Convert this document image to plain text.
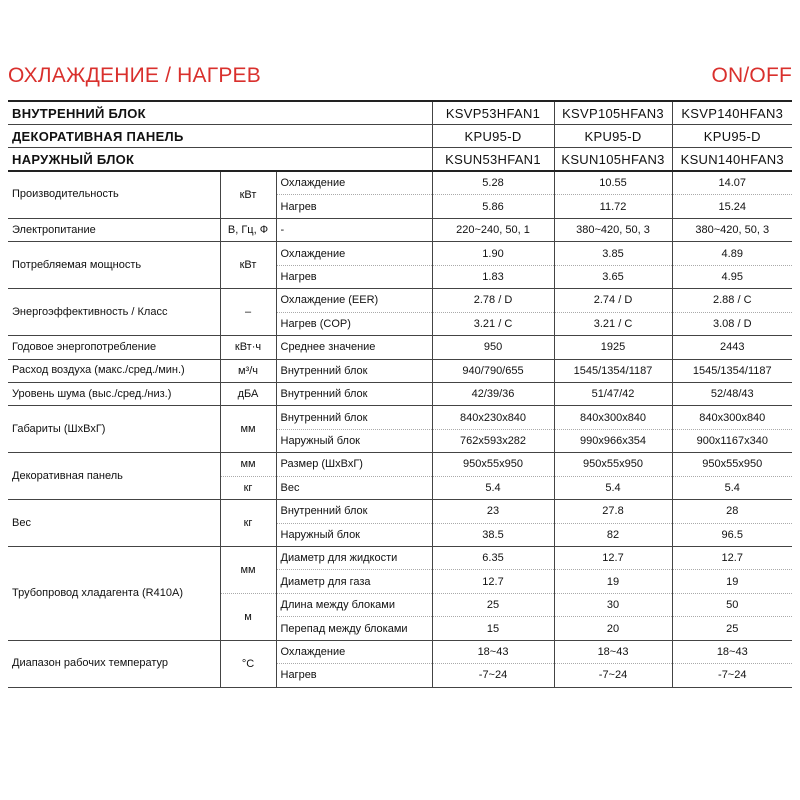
ОХЛАЖДЕНИЕ / НАГРЕВ	ON/OFF
ВНУТРЕННИЙ БЛОК			KSVP53HFAN1	KSVP105HFAN3	KSVP140HFAN3
ДЕКОРАТИВНАЯ ПАНЕЛЬ			KPU95-D	KPU95-D	KPU95-D
НАРУЖНЫЙ БЛОК			KSUN53HFAN1	KSUN105HFAN3	KSUN140HFAN3
Производительность	кВт	Охлаждение	5.28	10.55	14.07
		Нагрев	5.86	11.72	15.24
Электропитание	В, Гц, Ф	-	220~240, 50, 1	380~420, 50, 3	380~420, 50, 3
Потребляемая мощность	кВт	Охлаждение	1.90	3.85	4.89
		Нагрев	1.83	3.65	4.95
Энергоэффективность / Класс	–	Охлаждение (EER)	2.78 / D	2.74 / D	2.88 / C
		Нагрев (COP)	3.21 / C	3.21 / C	3.08 / D
Годовое энергопотребление	кВт·ч	Среднее значение	950	1925	2443
Расход воздуха (макс./сред./мин.)	м³/ч	Внутренний блок	940/790/655	1545/1354/1187	1545/1354/1187
Уровень шума (выс./сред./низ.)	дБА	Внутренний блок	42/39/36	51/47/42	52/48/43
Габариты (ШхВхГ)	мм	Внутренний блок	840x230x840	840x300x840	840x300x840
		Наружный блок	762x593x282	990x966x354	900x1167x340
Декоративная панель	мм	Размер (ШхВхГ)	950x55x950	950x55x950	950x55x950
	кг	Вес	5.4	5.4	5.4
Вес	кг	Внутренний блок	23	27.8	28
		Наружный блок	38.5	82	96.5
Трубопровод хладагента (R410A)	мм	Диаметр для жидкости	6.35	12.7	12.7
		Диаметр для газа	12.7	19	19
	м	Длина между блоками	25	30	50
		Перепад между блоками	15	20	25
Диапазон рабочих температур	°С	Охлаждение	18~43	18~43	18~43
		Нагрев	-7~24	-7~24	-7~24
